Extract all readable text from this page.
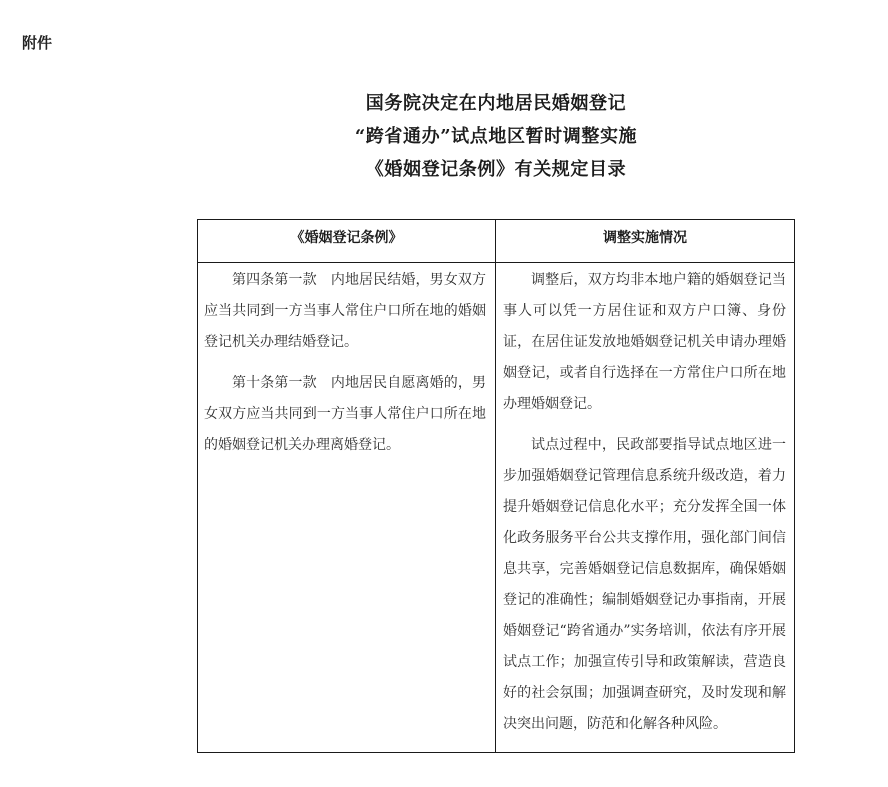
附件
国务院决定在内地居民婚姻登记
“跨省通办”试点地区暂时调整实施
《婚姻登记条例》有关规定目录
《婚姻登记条例》	调整实施情况

第四条第一款　内地居民结婚，男女双方应当共同到一方当事人常住户口所在地的婚姻登记机关办理结婚登记。

第十条第一款　内地居民自愿离婚的，男女双方应当共同到一方当事人常住户口所在地的婚姻登记机关办理离婚登记。

调整后，双方均非本地户籍的婚姻登记当事人可以凭一方居住证和双方户口簿、身份证，在居住证发放地婚姻登记机关申请办理婚姻登记，或者自行选择在一方常住户口所在地办理婚姻登记。

试点过程中，民政部要指导试点地区进一步加强婚姻登记管理信息系统升级改造，着力提升婚姻登记信息化水平；充分发挥全国一体化政务服务平台公共支撑作用，强化部门间信息共享，完善婚姻登记信息数据库，确保婚姻登记的准确性；编制婚姻登记办事指南，开展婚姻登记“跨省通办”实务培训，依法有序开展试点工作；加强宣传引导和政策解读，营造良好的社会氛围；加强调查研究，及时发现和解决突出问题，防范和化解各种风险。
